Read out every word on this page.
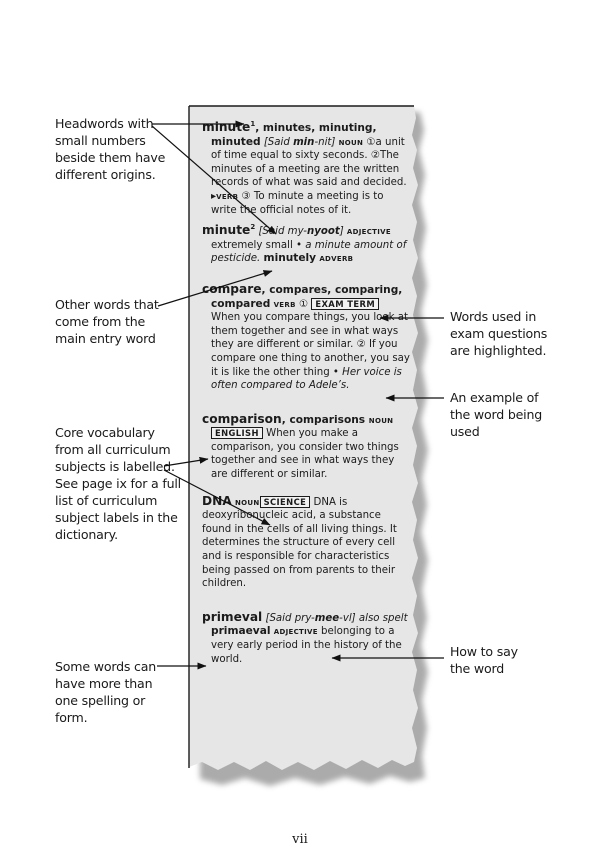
Headwords with
small numbers
beside them have
different origins.
Other words that
come from the
main entry word
Core vocabulary
from all curriculum
subjects is labelled.
See page ix for a full
list of curriculum
subject labels in the
dictionary.
Some words can
have more than
one spelling or
form.
Words used in
exam questions
are highlighted.
An example of
the word being
used
How to say
the word
minute$^1$, minutes, minuting,
minuted [Said min-nit] noun ①a unit of time equal to sixty seconds. ②The minutes of a meeting are the written records of what was said and decided. ▸verb ③ To minute a meeting is to write the official notes of it.
minute$^2$ [Said my-nyoot] adjective
extremely small • a minute amount of pesticide. minutely adverb
compare, compares, comparing,
compared verb ① EXAM TERM When you compare things, you look at them together and see in what ways they are different or similar. ② If you compare one thing to another, you say it is like the other thing • Her voice is often compared to Adele’s.
comparison, comparisons noun
ENGLISH When you make a comparison, you consider two things together and see in what ways they are different or similar.
DNA noun SCIENCE DNA is deoxyribonucleic acid, a substance found in the cells of all living things. It determines the structure of every cell and is responsible for characteristics being passed on from parents to their children.
primeval [Said pry-mee-vl] also spelt
primaeval adjective belonging to a very early period in the history of the world.
vii
